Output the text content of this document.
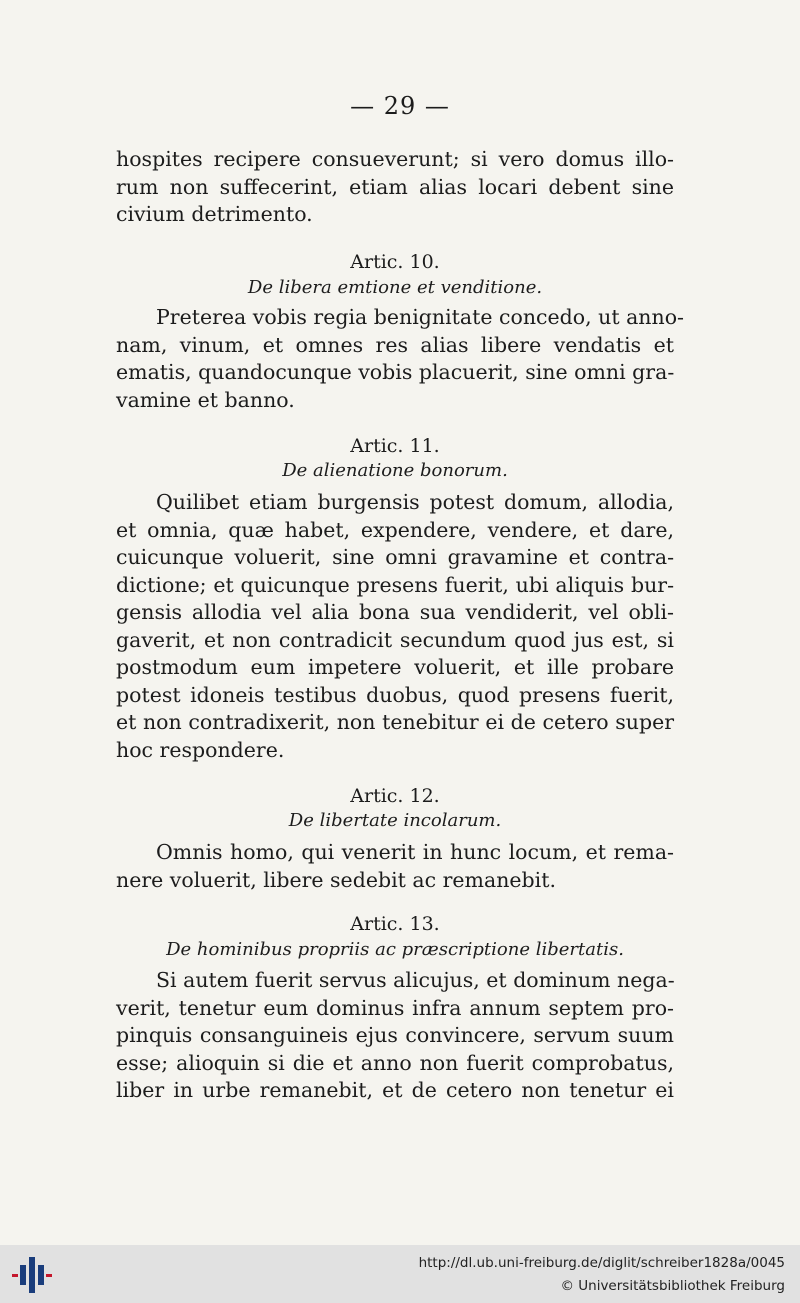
— 29 —
hospites recipere consueverunt; si vero domus illo-
rum non suffecerint, etiam alias locari debent sine
civium detrimento.
Artic. 10.
De libera emtione et venditione.
Preterea vobis regia benignitate concedo, ut anno-
nam, vinum, et omnes res alias libere vendatis et
ematis, quandocunque vobis placuerit, sine omni gra-
vamine et banno.
Artic. 11.
De alienatione bonorum.
Quilibet etiam burgensis potest domum, allodia,
et omnia, quæ habet, expendere, vendere, et dare,
cuicunque voluerit, sine omni gravamine et contra-
dictione; et quicunque presens fuerit, ubi aliquis bur-
gensis allodia vel alia bona sua vendiderit, vel obli-
gaverit, et non contradicit secundum quod jus est, si
postmodum eum impetere voluerit, et ille probare
potest idoneis testibus duobus, quod presens fuerit,
et non contradixerit, non tenebitur ei de cetero super
hoc respondere.
Artic. 12.
De libertate incolarum.
Omnis homo, qui venerit in hunc locum, et rema-
nere voluerit, libere sedebit ac remanebit.
Artic. 13.
De hominibus propriis ac præscriptione libertatis.
Si autem fuerit servus alicujus, et dominum nega-
verit, tenetur eum dominus infra annum septem pro-
pinquis consanguineis ejus convincere, servum suum
esse; alioquin si die et anno non fuerit comprobatus,
liber in urbe remanebit, et de cetero non tenetur ei
http://dl.ub.uni-freiburg.de/diglit/schreiber1828a/0045
© Universitätsbibliothek Freiburg
